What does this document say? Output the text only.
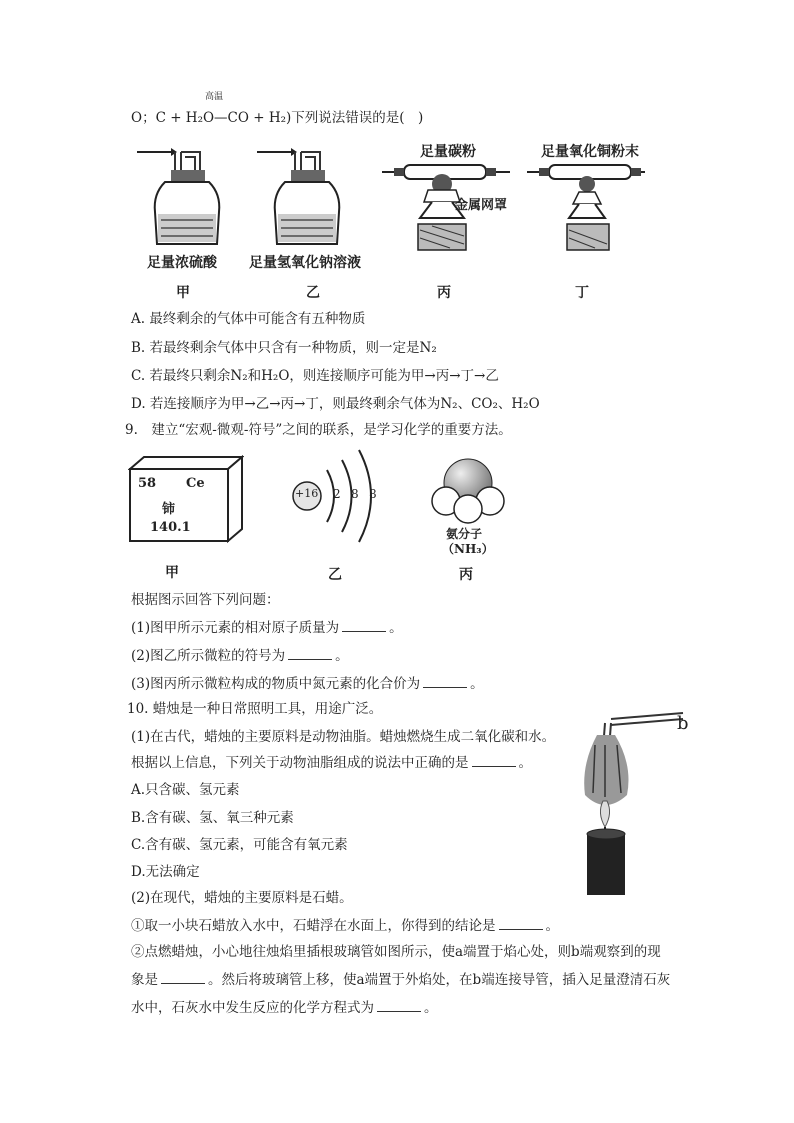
高温
O；C + H₂O—CO + H₂)下列说法错误的是(　)
足量碳粉
金属网罩
足量氧化铜粉末
足量浓硫酸 足量氢氧化钠溶液
甲	乙	丙	丁
A. 最终剩余的气体中可能含有五种物质
B. 若最终剩余气体中只含有一种物质，则一定是N₂
C. 若最终只剩余N₂和H₂O，则连接顺序可能为甲→丙→丁→乙
D. 若连接顺序为甲→乙→丙→丁，则最终剩余气体为N₂、CO₂、H₂O
9.　建立“宏观-微观-符号”之间的联系，是学习化学的重要方法。
58 Ce
铈
140.1
+16 2 8 8
氨分子
（NH₃）
甲	乙	丙
根据图示回答下列问题：
(1)图甲所示元素的相对原子质量为	。
(2)图乙所示微粒的符号为	。
(3)图丙所示微粒构成的物质中氮元素的化合价为	。
10. 蜡烛是一种日常照明工具，用途广泛。
(1)在古代，蜡烛的主要原料是动物油脂。蜡烛燃烧生成二氧化碳和水。
根据以上信息，下列关于动物油脂组成的说法中正确的是	。
A.只含碳、氢元素
B.含有碳、氢、氧三种元素
C.含有碳、氢元素，可能含有氧元素
D.无法确定
(2)在现代，蜡烛的主要原料是石蜡。
①取一小块石蜡放入水中，石蜡浮在水面上，你得到的结论是	。
②点燃蜡烛，小心地往烛焰里插根玻璃管如图所示，使a端置于焰心处，则b端观察到的现
象是	。然后将玻璃管上移，使a端置于外焰处，在b端连接导管，插入足量澄清石灰
水中，石灰水中发生反应的化学方程式为	。
b
